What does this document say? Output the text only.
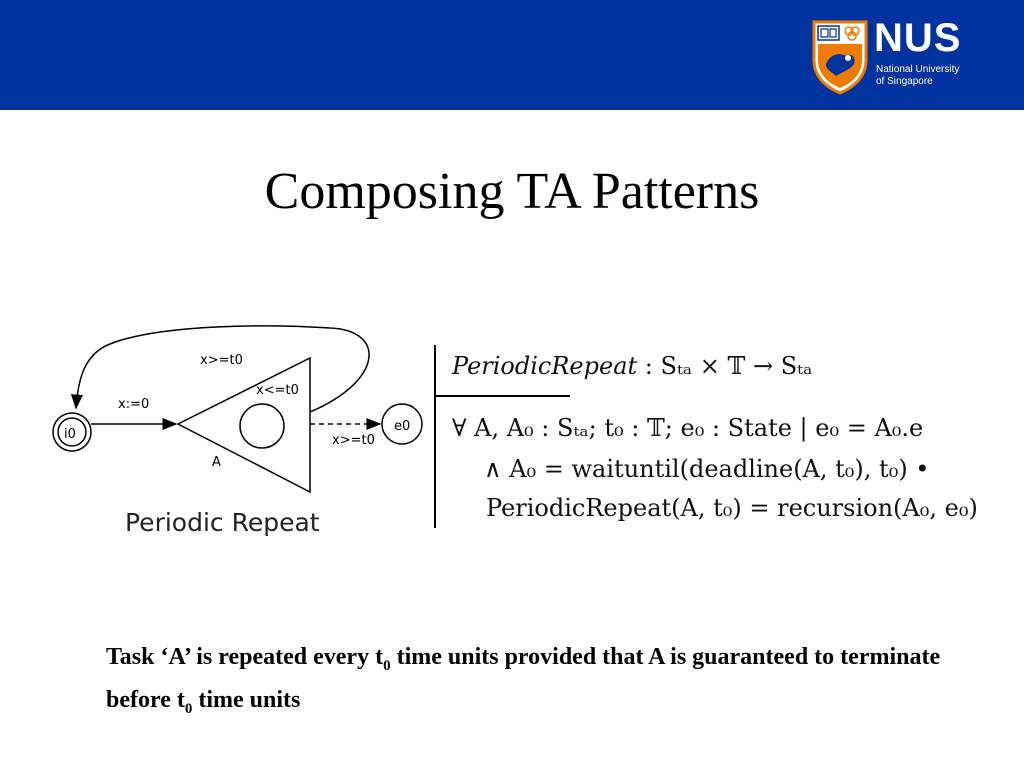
NUS
National University
of Singapore
Composing TA Patterns
i0
x:=0
x<=t0
A
x>=t0
x>=t0
e0
Periodic Repeat
PeriodicRepeat : Sₜₐ × 𝕋 → Sₜₐ
∀ A, A₀ : Sₜₐ; t₀ : 𝕋; e₀ : State | e₀ = A₀.e
∧ A₀ = waituntil(deadline(A, t₀), t₀) •
PeriodicRepeat(A, t₀) = recursion(A₀, e₀)
Task ‘A’ is repeated every $t_0$ time units provided that A is guaranteed to terminate before $t_0$ time units
